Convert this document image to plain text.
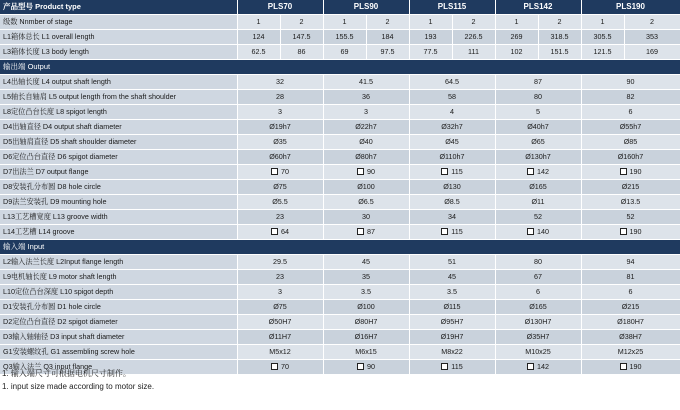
产品型号 Product type	PLS70		PLS90		PLS115		PLS142		PLS190	
级数 Nnmber of stage	1	2	1	2	1	2	1	2	1	2
L1箱体总长 L1 overall length	124	147.5	155.5	184	193	226.5	269	318.5	305.5	353
L3箱体长度 L3 body length	62.5	86	69	97.5	77.5	111	102	151.5	121.5	169
输出端 Output										
L4出轴长度 L4 output shaft length	32		41.5		64.5		87		90	
L5轴长自轴肩 L5 output length from the shaft shoulder	28		36		58		80		82	
L8定位凸台长度 L8 spigot length	3		3		4		5		6	
D4出轴直径 D4 output shaft diameter	Ø19h7		Ø22h7		Ø32h7		Ø40h7		Ø55h7	
D5出轴肩直径 D5 shaft shoulder diameter	Ø35		Ø40		Ø45		Ø65		Ø85	
D6定位凸台直径 D6 spigot diameter	Ø60h7		Ø80h7		Ø110h7		Ø130h7		Ø160h7	
D7出法兰 D7 output flange	70		90		115		142		190	
D8安装孔分布圆 D8 hole circle	Ø75		Ø100		Ø130		Ø165		Ø215	
D9法兰安装孔 D9 mounting hole	Ø5.5		Ø6.5		Ø8.5		Ø11		Ø13.5	
L13工艺槽宽度 L13 groove width	23		30		34		52		52	
L14工艺槽 L14 groove	64		87		115		140		190	
输入端 Input										
L2输入法兰长度 L2Input flange length	29.5		45		51		80		94	
L9电机轴长度 L9 motor shaft length	23		35		45		67		81	
L10定位凸台深度 L10 spigot depth	3		3.5		3.5		6		6	
D1安装孔分布圆 D1 hole circle	Ø75		Ø100		Ø115		Ø165		Ø215	
D2定位凸台直径 D2 spigot diameter	Ø50H7		Ø80H7		Ø95H7		Ø130H7		Ø180H7	
D3输入轴轴径 D3 input shaft diameter	Ø11H7		Ø16H7		Ø19H7		Ø35H7		Ø38H7	
G1安装螺纹孔 G1 assembling screw hole	M5x12		M6x15		M8x22		M10x25		M12x25	
Q3输入法兰 Q3 input flange	70		90		115		142		190	
1. 输入端尺寸可根据电机尺寸制作。
1. input size made according to motor size.
